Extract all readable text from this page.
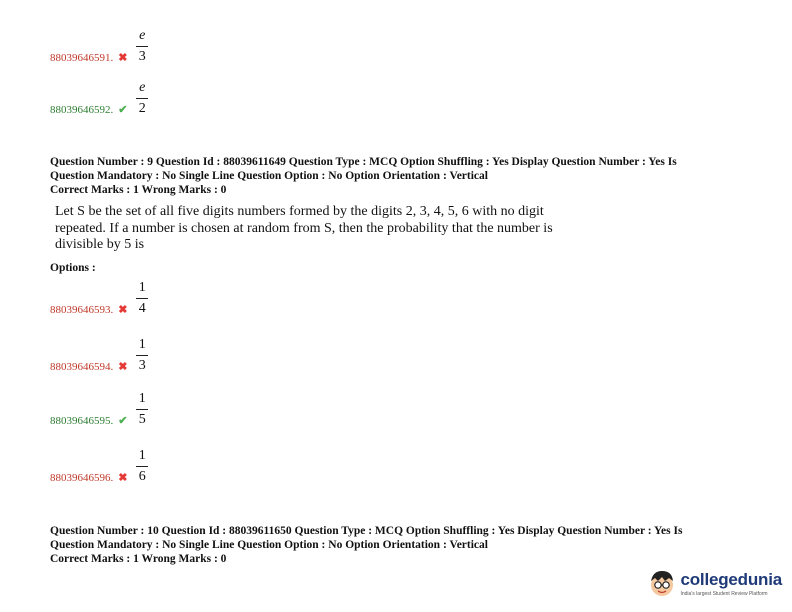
88039646591. ✖ $\frac{e}{3}$
88039646592. ✔ $\frac{e}{2}$
Question Number : 9 Question Id : 88039611649 Question Type : MCQ Option Shuffling : Yes Display Question Number : Yes Is
Question Mandatory : No Single Line Question Option : No Option Orientation : Vertical
Correct Marks : 1 Wrong Marks : 0
Let S be the set of all five digits numbers formed by the digits 2, 3, 4, 5, 6 with no digit
repeated. If a number is chosen at random from S, then the probability that the number is
divisible by 5 is
Options :
88039646593. ✖ $\frac{1}{4}$
88039646594. ✖ $\frac{1}{3}$
88039646595. ✔ $\frac{1}{5}$
88039646596. ✖ $\frac{1}{6}$
Question Number : 10 Question Id : 88039611650 Question Type : MCQ Option Shuffling : Yes Display Question Number : Yes Is
Question Mandatory : No Single Line Question Option : No Option Orientation : Vertical
Correct Marks : 1 Wrong Marks : 0
collegedunia
India's largest Student Review Platform
